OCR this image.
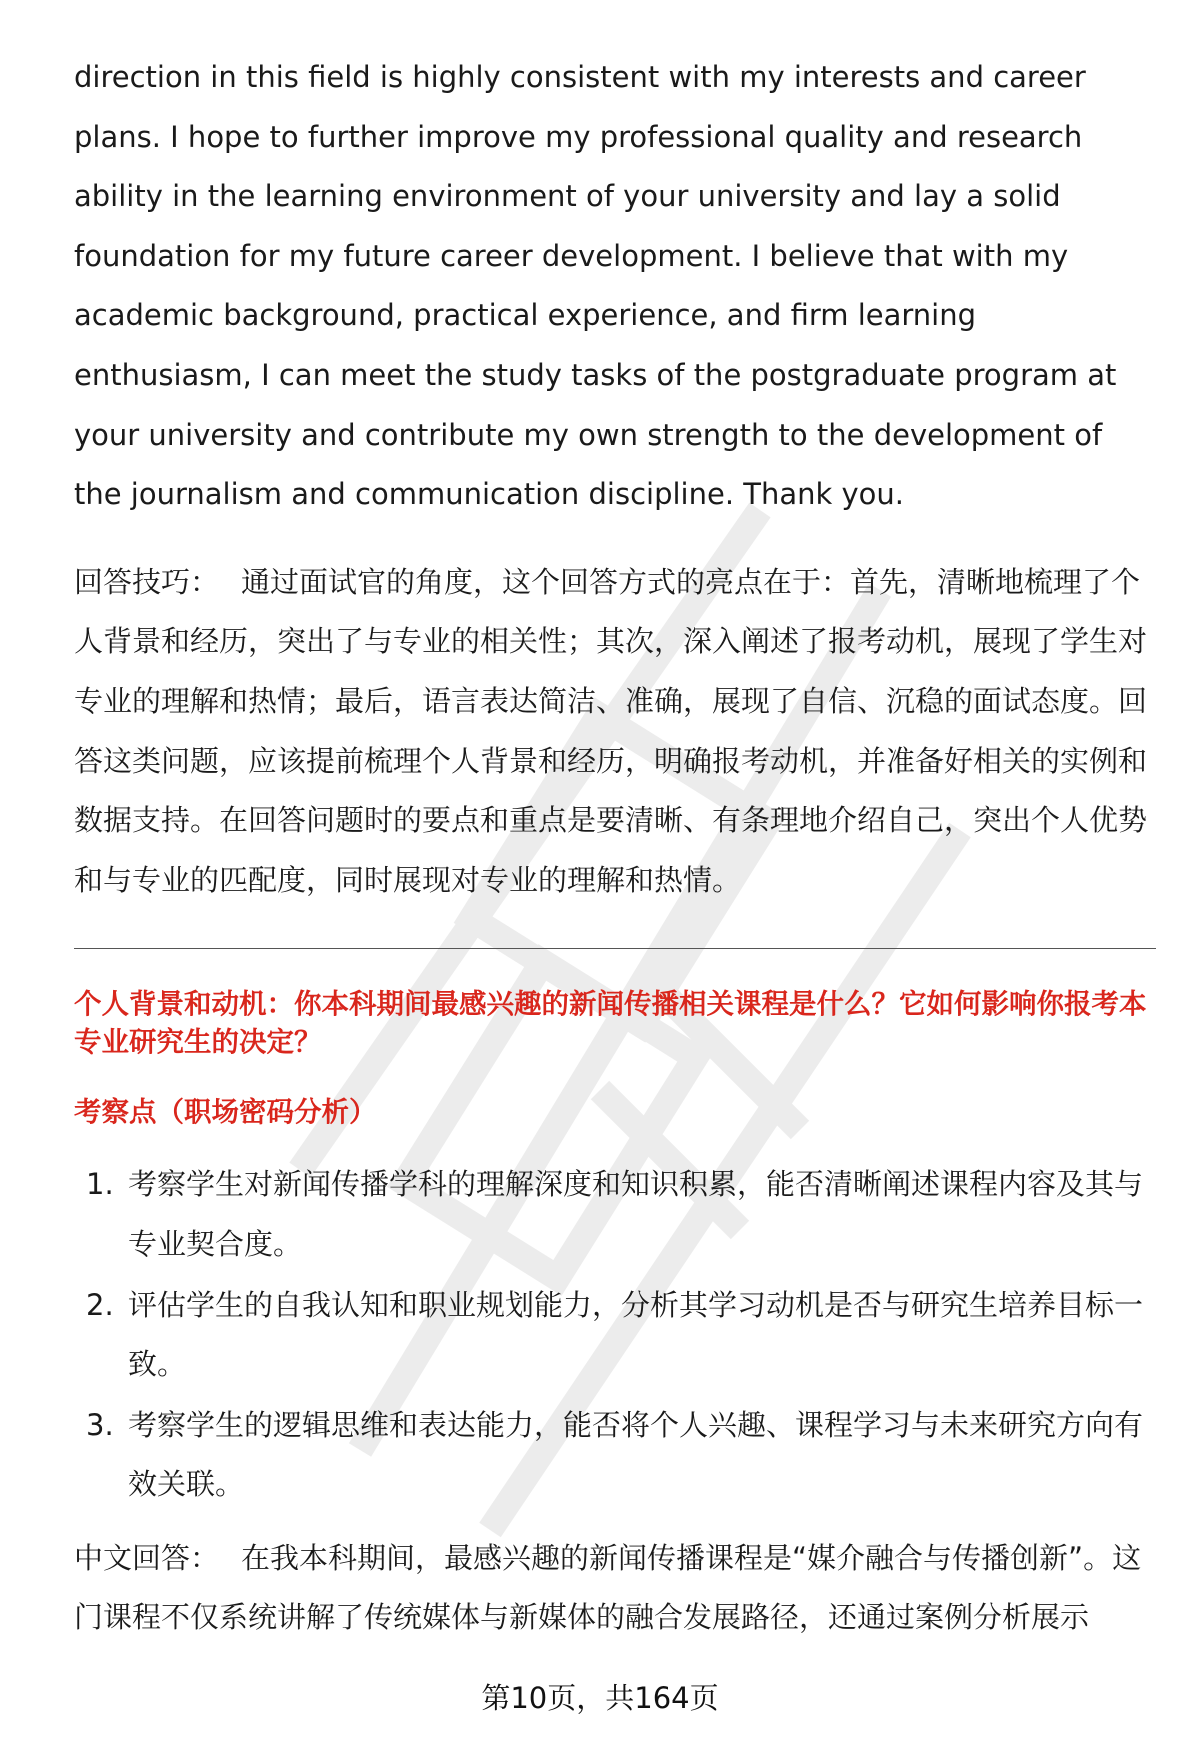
direction in this field is highly consistent with my interests and career plans. I hope to further improve my professional quality and research ability in the learning environment of your university and lay a solid foundation for my future career development. I believe that with my academic background, practical experience, and firm learning enthusiasm, I can meet the study tasks of the postgraduate program at your university and contribute my own strength to the development of the journalism and communication discipline. Thank you.

回答技巧： 通过面试官的角度，这个回答方式的亮点在于：首先，清晰地梳理了个人背景和经历，突出了与专业的相关性；其次，深入阐述了报考动机，展现了学生对专业的理解和热情；最后，语言表达简洁、准确，展现了自信、沉稳的面试态度。回答这类问题，应该提前梳理个人背景和经历，明确报考动机，并准备好相关的实例和数据支持。在回答问题时的要点和重点是要清晰、有条理地介绍自己，突出个人优势和与专业的匹配度，同时展现对专业的理解和热情。

个人背景和动机：你本科期间最感兴趣的新闻传播相关课程是什么？它如何影响你报考本专业研究生的决定？

考察点（职场密码分析）

1. 考察学生对新闻传播学科的理解深度和知识积累，能否清晰阐述课程内容及其与专业契合度。
2. 评估学生的自我认知和职业规划能力，分析其学习动机是否与研究生培养目标一致。
3. 考察学生的逻辑思维和表达能力，能否将个人兴趣、课程学习与未来研究方向有效关联。

中文回答： 在我本科期间，最感兴趣的新闻传播课程是“媒介融合与传播创新”。这门课程不仅系统讲解了传统媒体与新媒体的融合发展路径，还通过案例分析展示

第10页，共164页
